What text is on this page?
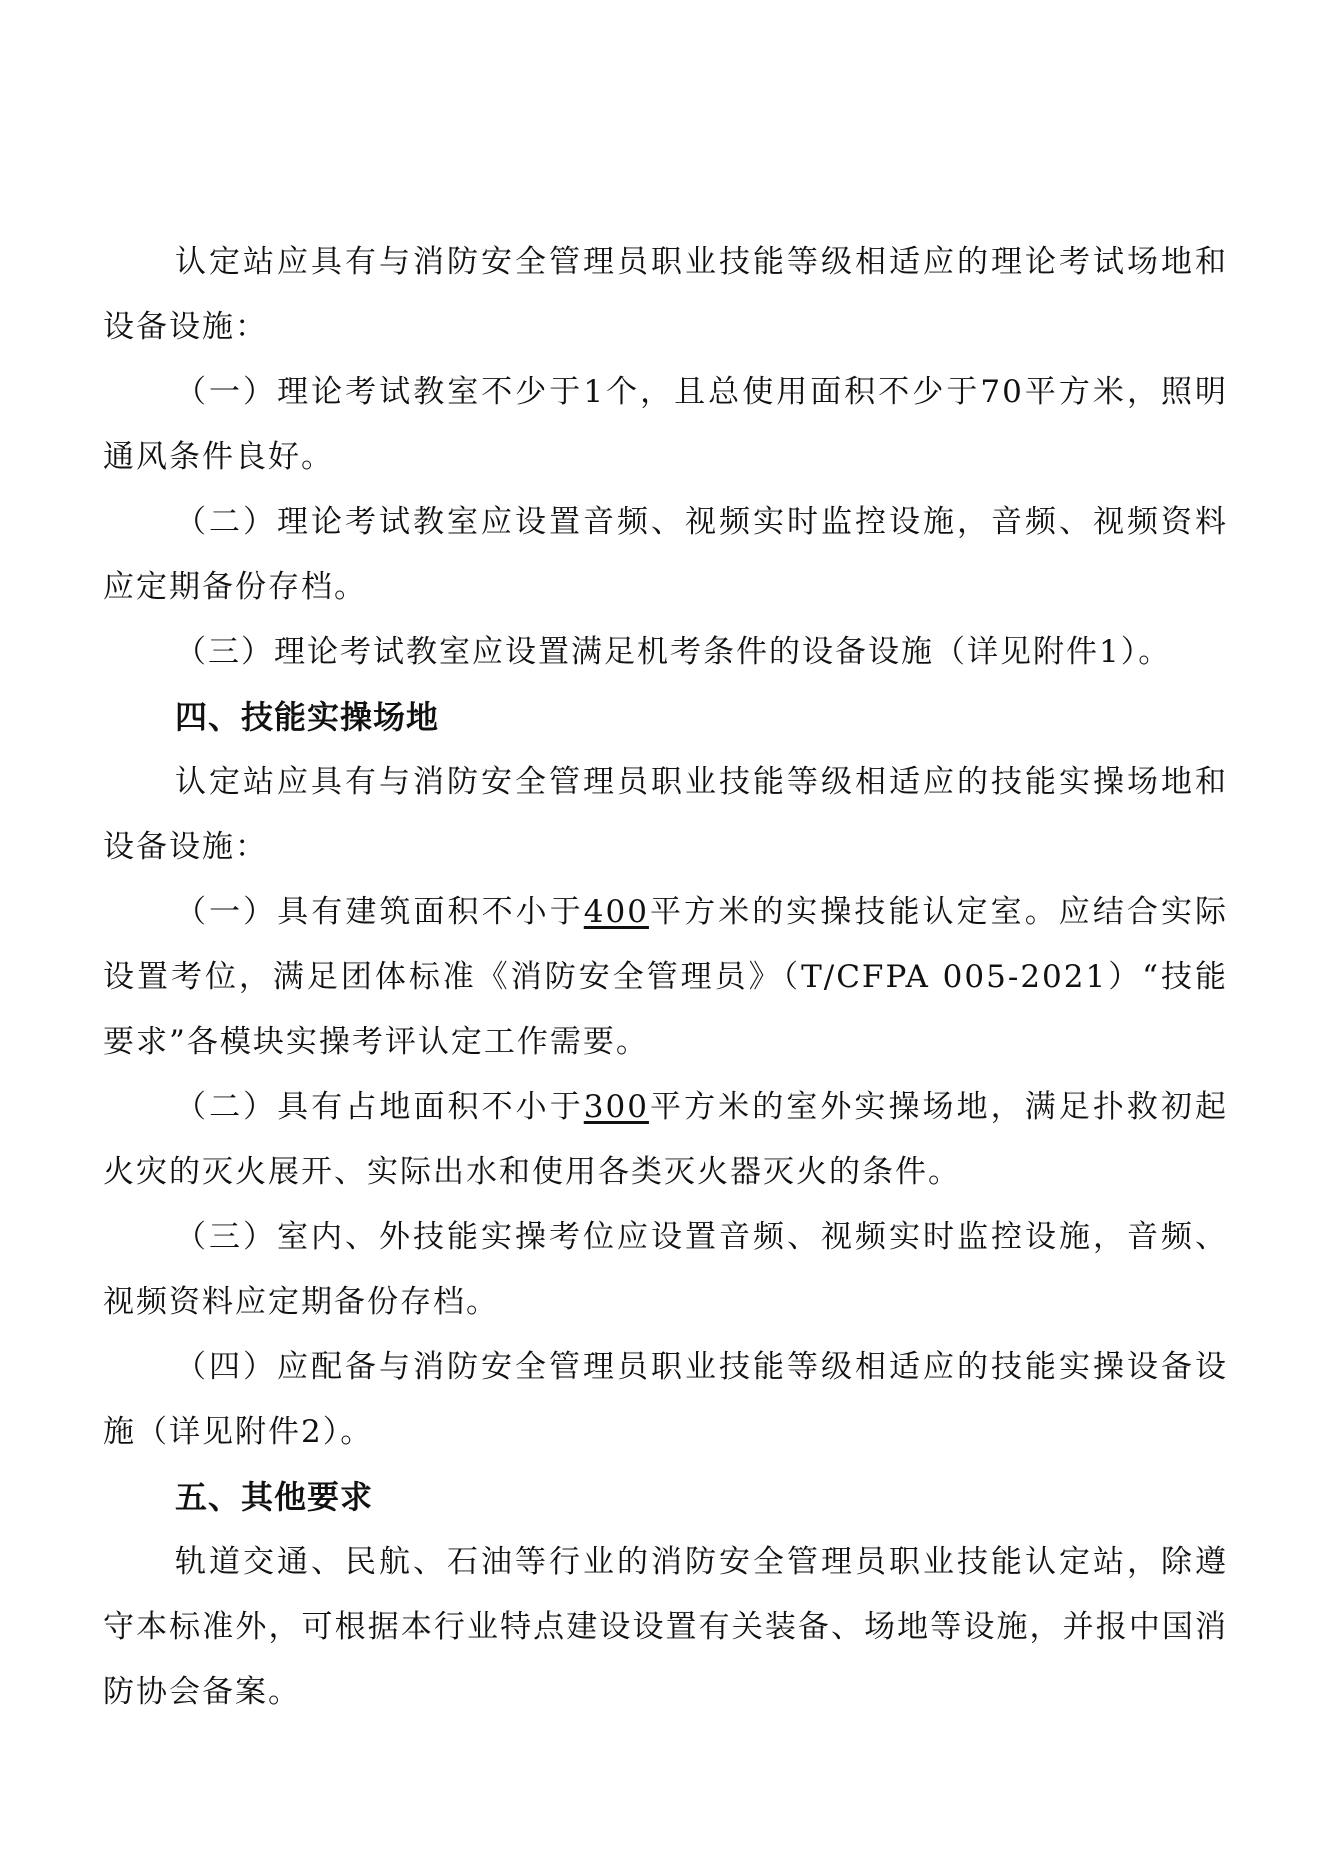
认定站应具有与消防安全管理员职业技能等级相适应的理论考试场地和设备设施：

（一）理论考试教室不少于1个，且总使用面积不少于70平方米，照明通风条件良好。

（二）理论考试教室应设置音频、视频实时监控设施，音频、视频资料应定期备份存档。

（三）理论考试教室应设置满足机考条件的设备设施（详见附件1）。

四、技能实操场地

认定站应具有与消防安全管理员职业技能等级相适应的技能实操场地和设备设施：

（一）具有建筑面积不小于400平方米的实操技能认定室。应结合实际设置考位，满足团体标准《消防安全管理员》（T/CFPA 005-2021）“技能要求”各模块实操考评认定工作需要。

（二）具有占地面积不小于300平方米的室外实操场地，满足扑救初起火灾的灭火展开、实际出水和使用各类灭火器灭火的条件。

（三）室内、外技能实操考位应设置音频、视频实时监控设施，音频、视频资料应定期备份存档。

（四）应配备与消防安全管理员职业技能等级相适应的技能实操设备设施（详见附件2）。

五、其他要求

轨道交通、民航、石油等行业的消防安全管理员职业技能认定站，除遵守本标准外，可根据本行业特点建设设置有关装备、场地等设施，并报中国消防协会备案。
